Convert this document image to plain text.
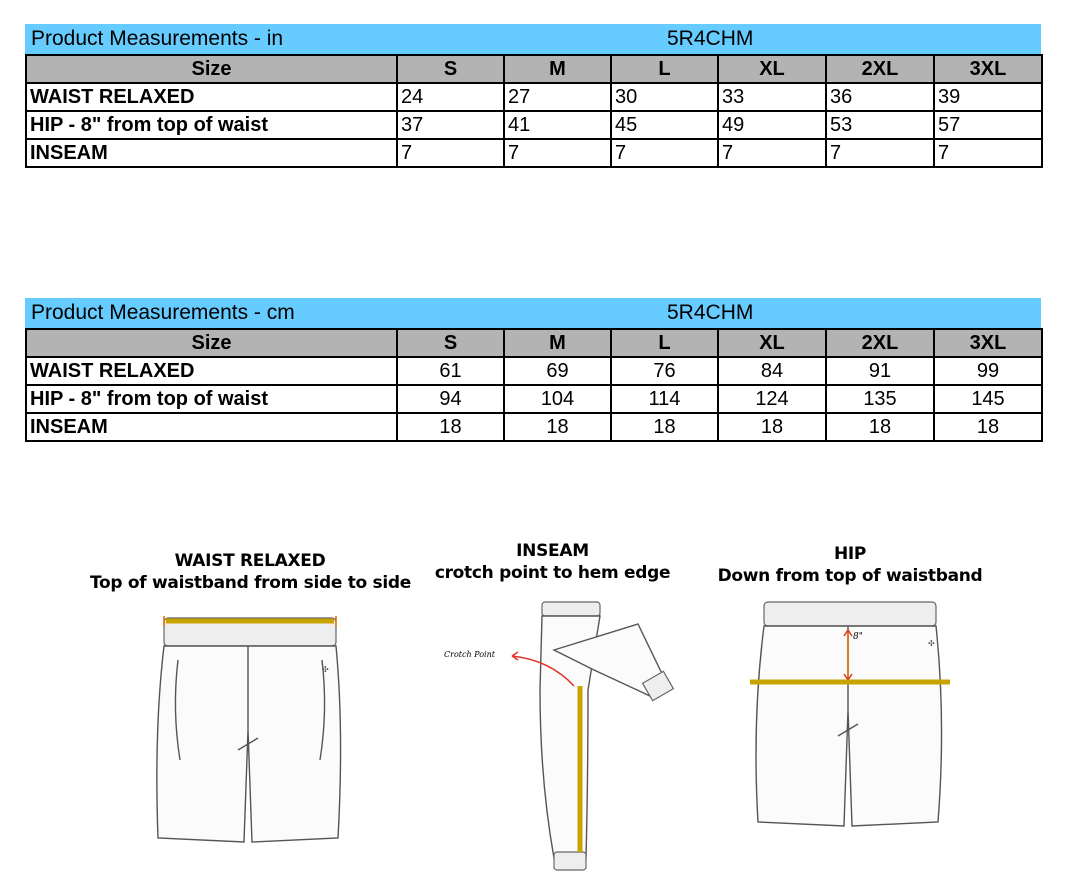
Product Measurements - in	5R4CHM
Size	S	M	L	XL	2XL	3XL
WAIST RELAXED	24	27	30	33	36	39
HIP - 8" from top of waist	37	41	45	49	53	57
INSEAM	7	7	7	7	7	7
Product Measurements - cm	5R4CHM
Size	S	M	L	XL	2XL	3XL
WAIST RELAXED	61	69	76	84	91	99
HIP - 8" from top of waist	94	104	114	124	135	145
INSEAM	18	18	18	18	18	18
WAIST RELAXED
Top of waistband from side to side
✣
INSEAM
crotch point to hem edge
Crotch Point
HIP
Down from top of waistband
✣
8"
